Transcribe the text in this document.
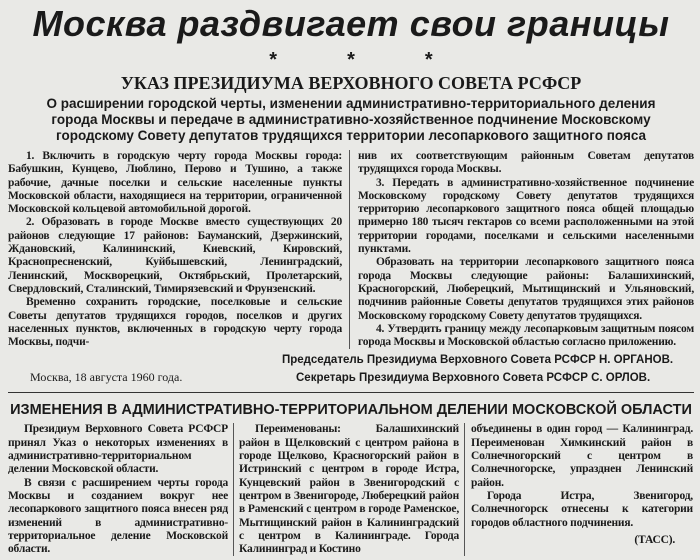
Москва раздвигает свои границы
*	*	*
УКАЗ ПРЕЗИДИУМА ВЕРХОВНОГО СОВЕТА РСФСР
О расширении городской черты, изменении административно-территориального деления города Москвы и передаче в административно-хозяйственное подчинение Московскому городскому Совету депутатов трудящихся территории лесопаркового защитного пояса

1. Включить в городскую черту города Москвы города: Бабушкин, Кунцево, Люблино, Перово и Тушино, а также рабочие, дачные поселки и сельские населенные пункты Московской области, находящиеся на территории, ограниченной Московской кольцевой автомобильной дорогой.

2. Образовать в городе Москве вместо существующих 20 районов следующие 17 районов: Бауманский, Дзержинский, Ждановский, Калининский, Киевский, Кировский, Краснопресненский, Куйбышевский, Ленинградский, Ленинский, Москворецкий, Октябрьский, Пролетарский, Свердловский, Сталинский, Тимирязевский и Фрунзенский.

Временно сохранить городские, поселковые и сельские Советы депутатов трудящихся городов, поселков и других населенных пунктов, включенных в городскую черту города Москвы, подчи-

нив их соответствующим районным Советам депутатов трудящихся города Москвы.

3. Передать в административно-хозяйственное подчинение Московскому городскому Совету депутатов трудящихся территорию лесопаркового защитного пояса общей площадью примерно 180 тысяч гектаров со всеми расположенными на этой территории городами, поселками и сельскими населенными пунктами.

Образовать на территории лесопаркового защитного пояса города Москвы следующие районы: Балашихинский, Красногорский, Люберецкий, Мытищинский и Ульяновский, подчинив районные Советы депутатов трудящихся этих районов Московскому городскому Совету депутатов трудящихся.

4. Утвердить границу между лесопарковым защитным поясом города Москвы и Московской областью согласно приложению.

Председатель Президиума Верховного Совета РСФСР Н. ОРГАНОВ.
Москва, 18 августа 1960 года.	Секретарь Президиума Верховного Совета РСФСР С. ОРЛОВ.
ИЗМЕНЕНИЯ В АДМИНИСТРАТИВНО-ТЕРРИТОРИАЛЬНОМ ДЕЛЕНИИ МОСКОВСКОЙ ОБЛАСТИ

Президиум Верховного Совета РСФСР принял Указ о некоторых изменениях в административно-территориальном делении Московской области.

В связи с расширением черты города Москвы и созданием вокруг нее лесопаркового защитного пояса внесен ряд изменений в административно-территориальное деление Московской области.

Переименованы: Балашихинский район в Щелковский с центром района в городе Щелково, Красногорский район в Истринский с центром в городе Истра, Кунцевский район в Звенигородский с центром в Звенигороде, Люберецкий район в Раменский с центром в городе Раменское, Мытищинский район в Калининградский с центром в Калининграде. Города Калининград и Костино

объединены в один город — Калининград. Переименован Химкинский район в Солнечногорский с центром в Солнечногорске, упразднен Ленинский район.

Города Истра, Звенигород, Солнечногорск отнесены к категории городов областного подчинения.

(ТАСС).
